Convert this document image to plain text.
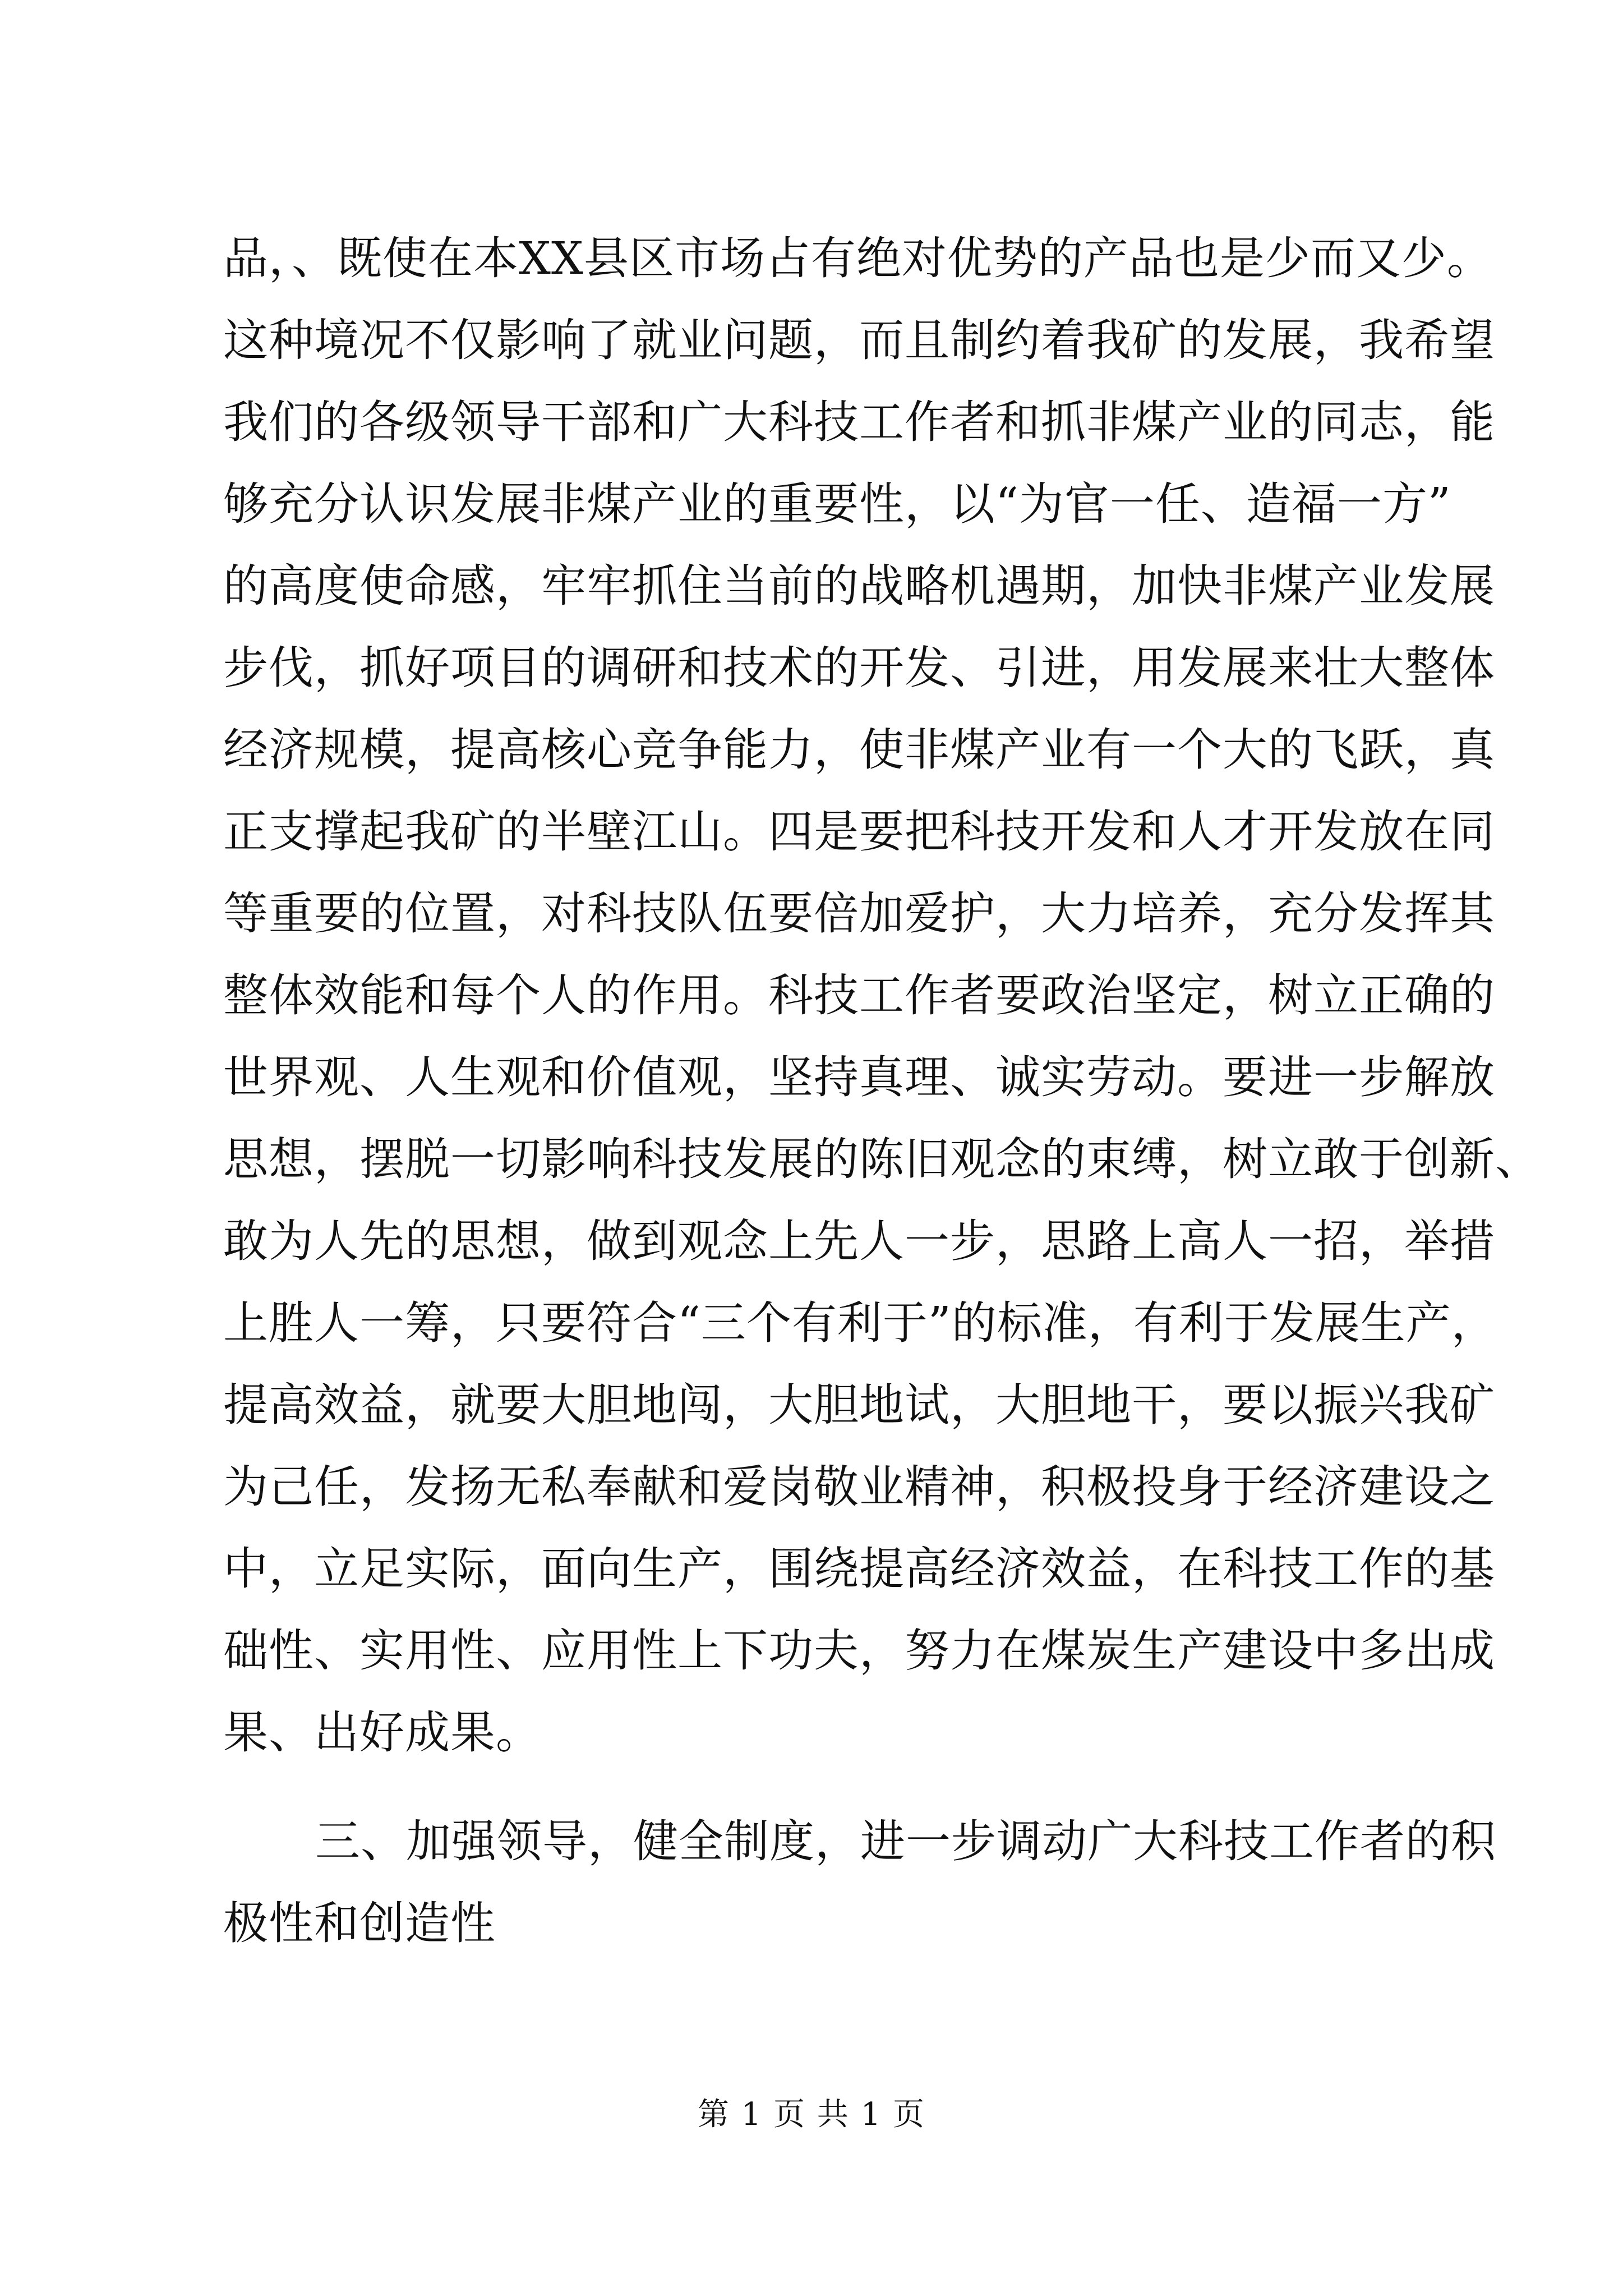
品，、既使在本XX县区市场占有绝对优势的产品也是少而又少。
这种境况不仅影响了就业问题，而且制约着我矿的发展，我希望
我们的各级领导干部和广大科技工作者和抓非煤产业的同志，能
够充分认识发展非煤产业的重要性，以“为官一任、造福一方”
的高度使命感，牢牢抓住当前的战略机遇期，加快非煤产业发展
步伐，抓好项目的调研和技术的开发、引进，用发展来壮大整体
经济规模，提高核心竞争能力，使非煤产业有一个大的飞跃，真
正支撑起我矿的半壁江山。四是要把科技开发和人才开发放在同
等重要的位置，对科技队伍要倍加爱护，大力培养，充分发挥其
整体效能和每个人的作用。科技工作者要政治坚定，树立正确的
世界观、人生观和价值观，坚持真理、诚实劳动。要进一步解放
思想，摆脱一切影响科技发展的陈旧观念的束缚，树立敢于创新、
敢为人先的思想，做到观念上先人一步，思路上高人一招，举措
上胜人一筹，只要符合“三个有利于”的标准，有利于发展生产，
提高效益，就要大胆地闯，大胆地试，大胆地干，要以振兴我矿
为己任，发扬无私奉献和爱岗敬业精神，积极投身于经济建设之
中，立足实际，面向生产，围绕提高经济效益，在科技工作的基
础性、实用性、应用性上下功夫，努力在煤炭生产建设中多出成
果、出好成果。
三、加强领导，健全制度，进一步调动广大科技工作者的积
极性和创造性
第 1 页 共 1 页
